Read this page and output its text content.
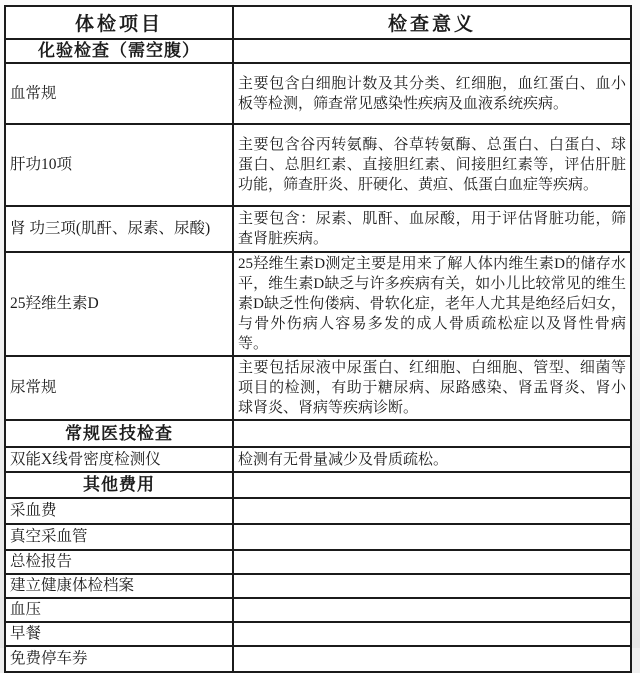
体检项目	检查意义
化验检查（需空腹）	
血常规	主要包含白细胞计数及其分类、红细胞，血红蛋白、血小板等检测，筛查常见感染性疾病及血液系统疾病。
肝功10项	主要包含谷丙转氨酶、谷草转氨酶、总蛋白、白蛋白、球蛋白、总胆红素、直接胆红素、间接胆红素等，评估肝脏功能，筛查肝炎、肝硬化、黄疸、低蛋白血症等疾病。
肾 功三项(肌酐、尿素、尿酸)	主要包含：尿素、肌酐、血尿酸，用于评估肾脏功能，筛查肾脏疾病。
25羟维生素D	25羟维生素D测定主要是用来了解人体内维生素D的储存水平，维生素D缺乏与许多疾病有关，如小儿比较常见的维生素D缺乏性佝偻病、骨软化症，老年人尤其是绝经后妇女，与骨外伤病人容易多发的成人骨质疏松症以及肾性骨病等。
尿常规	主要包括尿液中尿蛋白、红细胞、白细胞、管型、细菌等项目的检测，有助于糖尿病、尿路感染、肾盂肾炎、肾小球肾炎、肾病等疾病诊断。
常规医技检查	
双能X线骨密度检测仪	检测有无骨量减少及骨质疏松。
其他费用	
采血费	
真空采血管	
总检报告	
建立健康体检档案	
血压	
早餐	
免费停车券	
